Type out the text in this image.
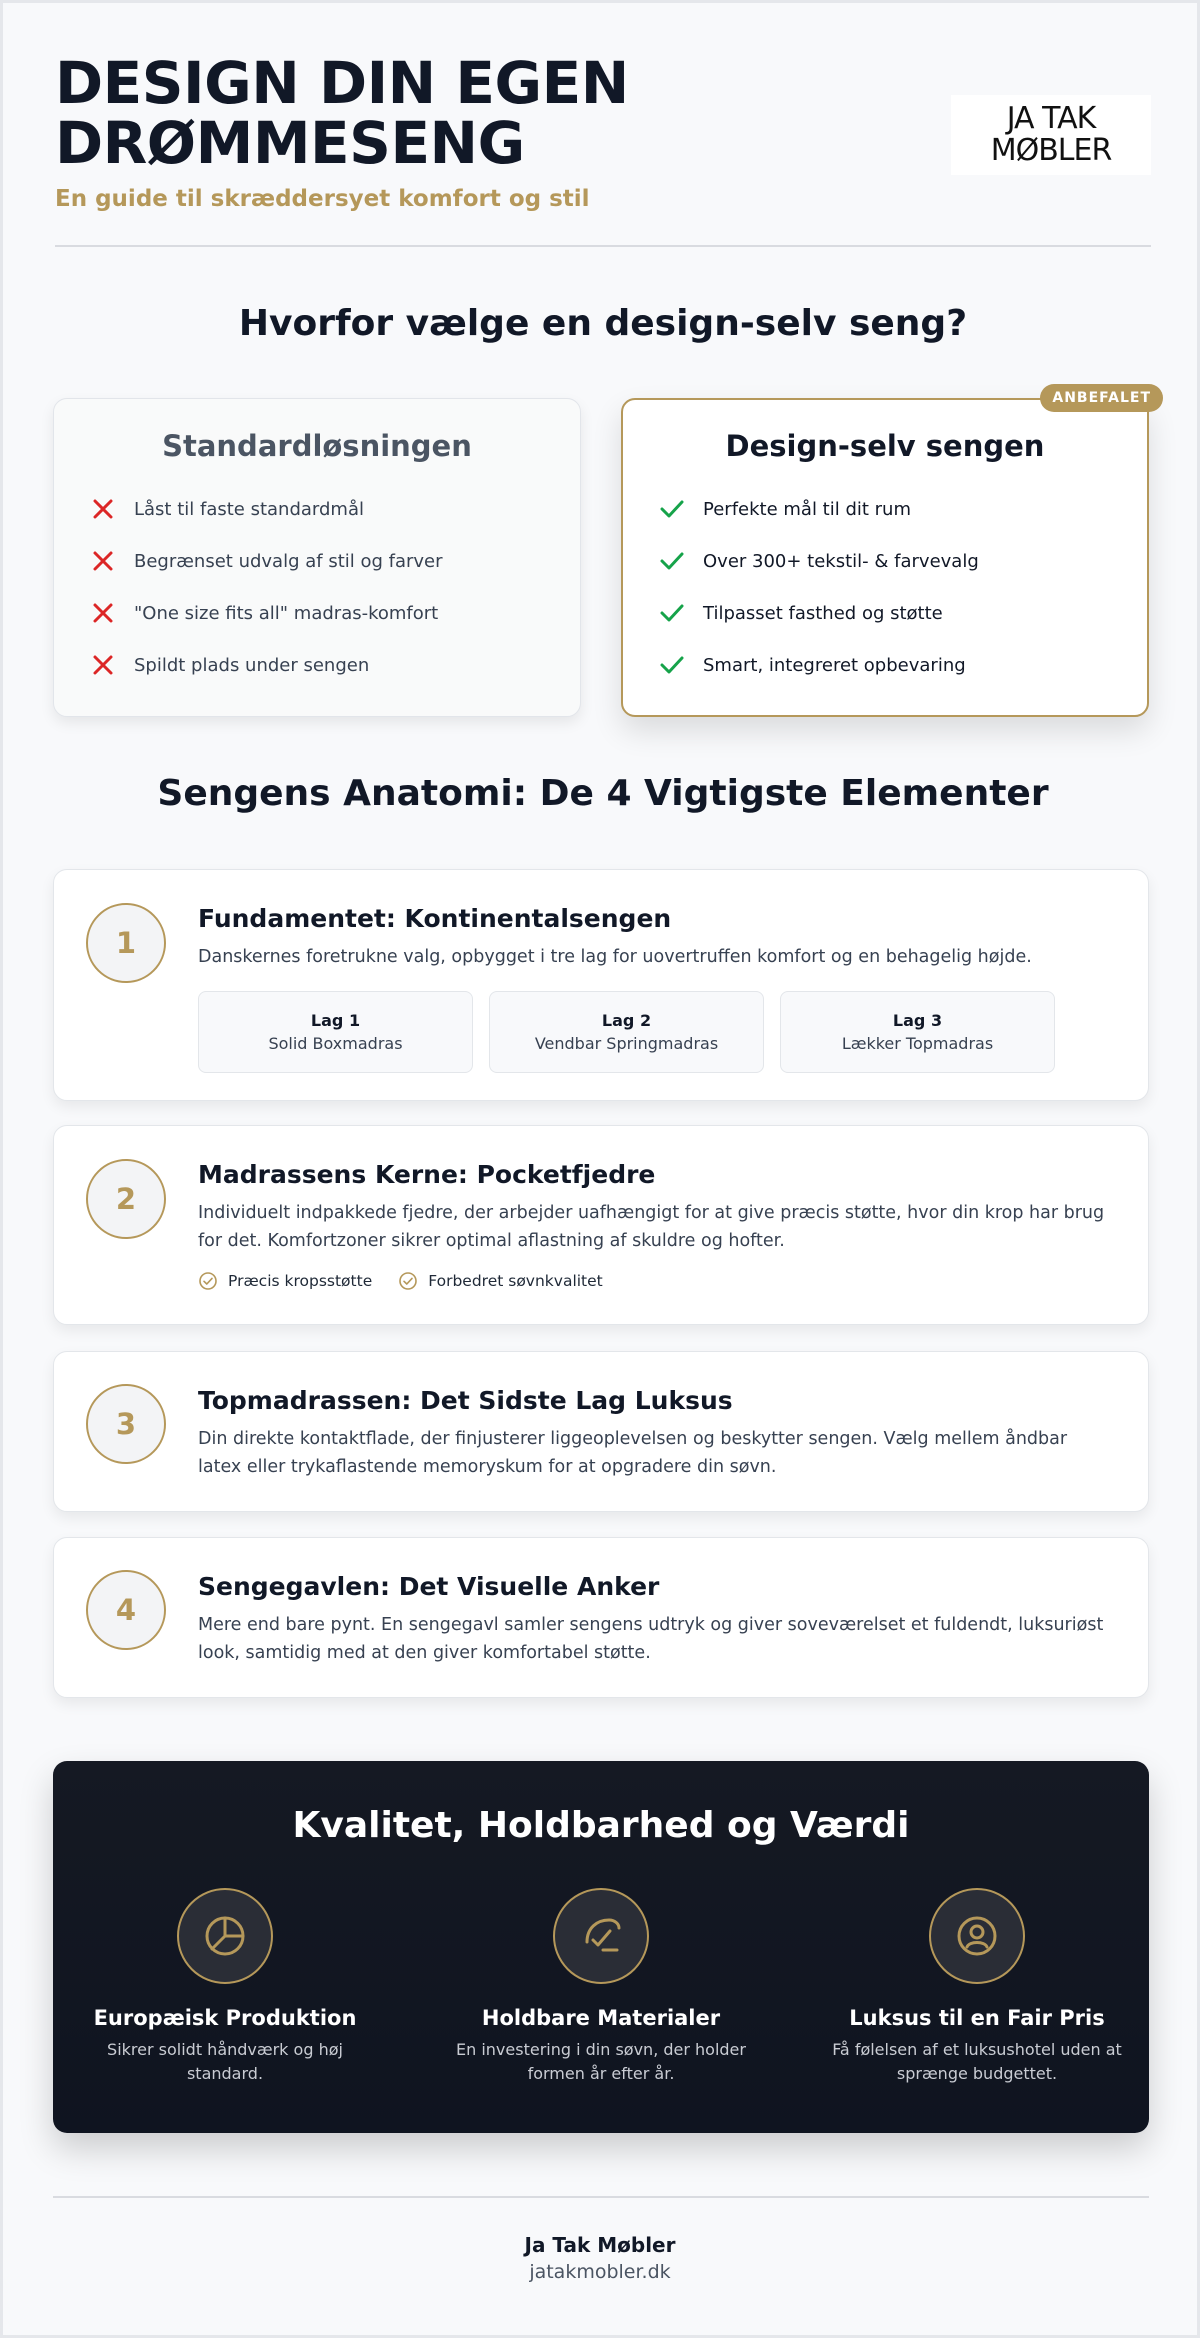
DESIGN DIN EGEN
DRØMMESENG
En guide til skræddersyet komfort og stil
JA TAK
MØBLER
Hvorfor vælge en design-selv seng?
Standardløsningen
Låst til faste standardmål
Begrænset udvalg af stil og farver
"One size fits all" madras-komfort
Spildt plads under sengen
ANBEFALET
Design-selv sengen
Perfekte mål til dit rum
Over 300+ tekstil- & farvevalg
Tilpasset fasthed og støtte
Smart, integreret opbevaring
Sengens Anatomi: De 4 Vigtigste Elementer
1
Fundamentet: Kontinentalsengen
Danskernes foretrukne valg, opbygget i tre lag for uovertruffen komfort og en behagelig højde.
Lag 1
Solid Boxmadras
Lag 2
Vendbar Springmadras
Lag 3
Lækker Topmadras
2
Madrassens Kerne: Pocketfjedre
Individuelt indpakkede fjedre, der arbejder uafhængigt for at give præcis støtte, hvor din krop har brug for det. Komfortzoner sikrer optimal aflastning af skuldre og hofter.
Præcis kropsstøtte	Forbedret søvnkvalitet
3
Topmadrassen: Det Sidste Lag Luksus
Din direkte kontaktflade, der finjusterer liggeoplevelsen og beskytter sengen. Vælg mellem åndbar latex eller trykaflastende memoryskum for at opgradere din søvn.
4
Sengegavlen: Det Visuelle Anker
Mere end bare pynt. En sengegavl samler sengens udtryk og giver soveværelset et fuldendt, luksuriøst look, samtidig med at den giver komfortabel støtte.
Kvalitet, Holdbarhed og Værdi
Europæisk Produktion
Sikrer solidt håndværk og høj standard.
Holdbare Materialer
En investering i din søvn, der holder formen år efter år.
Luksus til en Fair Pris
Få følelsen af et luksushotel uden at sprænge budgettet.
Ja Tak Møbler
jatakmobler.dk
